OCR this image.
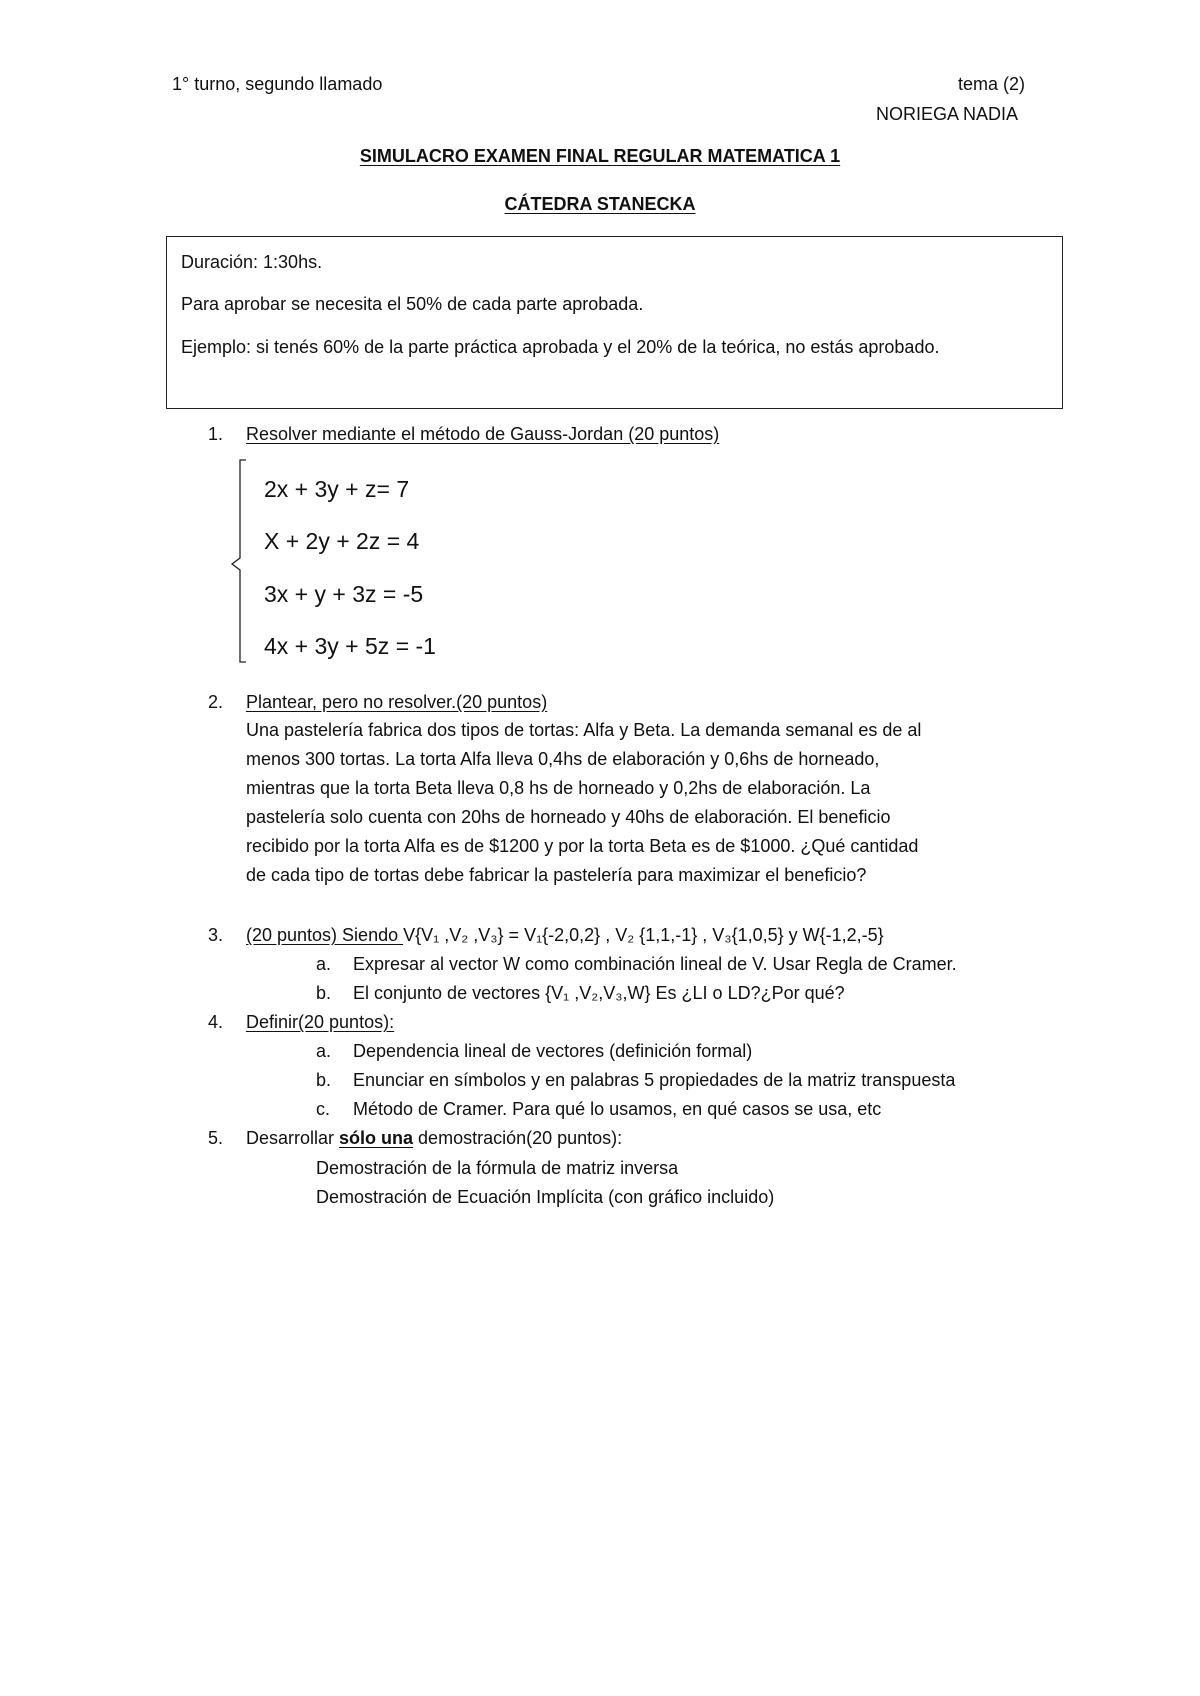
1° turno, segundo llamado	tema (2)
NORIEGA NADIA
SIMULACRO EXAMEN FINAL REGULAR MATEMATICA 1
CÁTEDRA STANECKA
Duración: 1:30hs.
Para aprobar se necesita el 50% de cada parte aprobada.
Ejemplo: si tenés 60% de la parte práctica aprobada y el 20% de la teórica, no estás aprobado.
1. Resolver mediante el método de Gauss-Jordan (20 puntos)
2x + 3y + z= 7
X + 2y + 2z = 4
3x + y + 3z = -5
4x + 3y + 5z = -1
2. Plantear, pero no resolver.(20 puntos)
Una pastelería fabrica dos tipos de tortas: Alfa y Beta. La demanda semanal es de al
menos 300 tortas. La torta Alfa lleva 0,4hs de elaboración y 0,6hs de horneado,
mientras que la torta Beta lleva 0,8 hs de horneado y 0,2hs de elaboración. La
pastelería solo cuenta con 20hs de horneado y 40hs de elaboración. El beneficio
recibido por la torta Alfa es de $1200 y por la torta Beta es de $1000. ¿Qué cantidad
de cada tipo de tortas debe fabricar la pastelería para maximizar el beneficio?
3. (20 puntos) Siendo V{V₁ ,V₂ ,V₃} = V₁{-2,0,2} , V₂ {1,1,-1} , V₃{1,0,5} y W{-1,2,-5}
a. Expresar al vector W como combinación lineal de V. Usar Regla de Cramer.
b. El conjunto de vectores {V₁ ,V₂,V₃,W} Es ¿LI o LD?¿Por qué?
4. Definir(20 puntos):
a. Dependencia lineal de vectores (definición formal)
b. Enunciar en símbolos y en palabras 5 propiedades de la matriz transpuesta
c. Método de Cramer. Para qué lo usamos, en qué casos se usa, etc
5. Desarrollar sólo una demostración(20 puntos):
Demostración de la fórmula de matriz inversa
Demostración de Ecuación Implícita (con gráfico incluido)
